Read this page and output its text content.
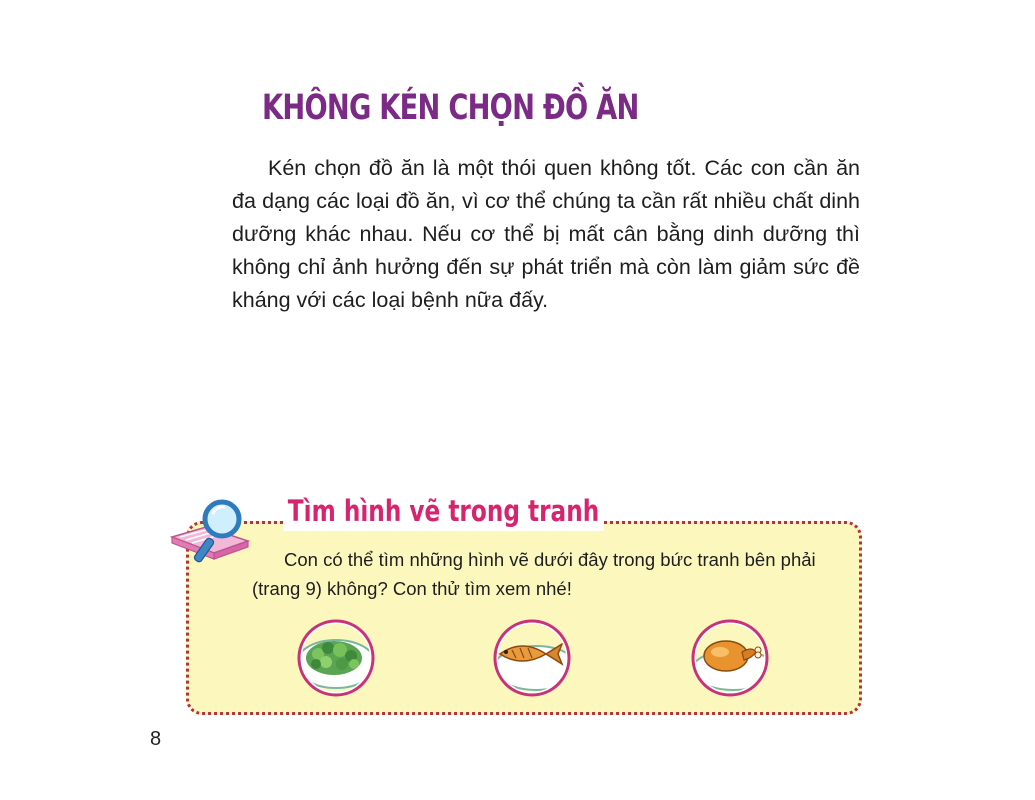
KHÔNG KÉN CHỌN ĐỒ ĂN

Kén chọn đồ ăn là một thói quen không tốt. Các con cần ăn đa dạng các loại đồ ăn, vì cơ thể chúng ta cần rất nhiều chất dinh dưỡng khác nhau. Nếu cơ thể bị mất cân bằng dinh dưỡng thì không chỉ ảnh hưởng đến sự phát triển mà còn làm giảm sức đề kháng với các loại bệnh nữa đấy.

Tìm hình vẽ trong tranh

Con có thể tìm những hình vẽ dưới đây trong bức tranh bên phải (trang 9) không? Con thử tìm xem nhé!

8
